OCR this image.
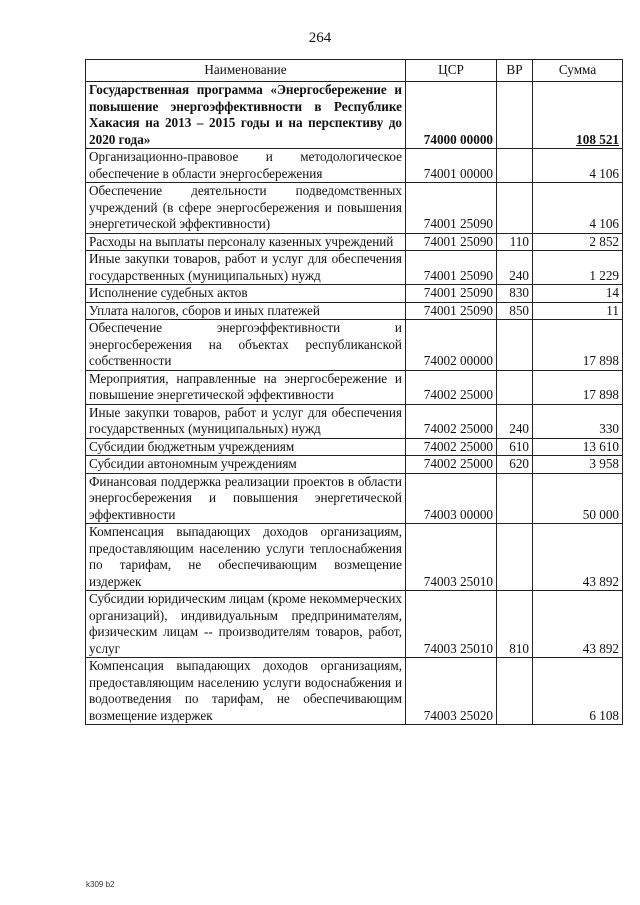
264
Наименование	ЦСР	ВР	Сумма
Государственная программа «Энергосбережение и повышение энергоэффективности в Республике Хакасия на 2013 – 2015 годы и на перспективу до 2020 года»	74000 00000		108 521
Организационно-правовое и методологическое обеспечение в области энергосбережения	74001 00000		4 106
Обеспечение деятельности подведомственных учреждений (в сфере энергосбережения и повышения энергетической эффективности)	74001 25090		4 106
Расходы на выплаты персоналу казенных учреждений	74001 25090	110	2 852
Иные закупки товаров, работ и услуг для обеспечения государственных (муниципальных) нужд	74001 25090	240	1 229
Исполнение судебных актов	74001 25090	830	14
Уплата налогов, сборов и иных платежей	74001 25090	850	11
Обеспечение энергоэффективности и энергосбережения на объектах республиканской собственности	74002 00000		17 898
Мероприятия, направленные на энергосбережение и повышение энергетической эффективности	74002 25000		17 898
Иные закупки товаров, работ и услуг для обеспечения государственных (муниципальных) нужд	74002 25000	240	330
Субсидии бюджетным учреждениям	74002 25000	610	13 610
Субсидии автономным учреждениям	74002 25000	620	3 958
Финансовая поддержка реализации проектов в области энергосбережения и повышения энергетической эффективности	74003 00000		50 000
Компенсация выпадающих доходов организациям, предоставляющим населению услуги теплоснабжения по тарифам, не обеспечивающим возмещение издержек	74003 25010		43 892
Субсидии юридическим лицам (кроме некоммерческих организаций), индивидуальным предпринимателям, физическим лицам -- производителям товаров, работ, услуг	74003 25010	810	43 892
Компенсация выпадающих доходов организациям, предоставляющим населению услуги водоснабжения и водоотведения по тарифам, не обеспечивающим возмещение издержек	74003 25020		6 108
k309 b2
